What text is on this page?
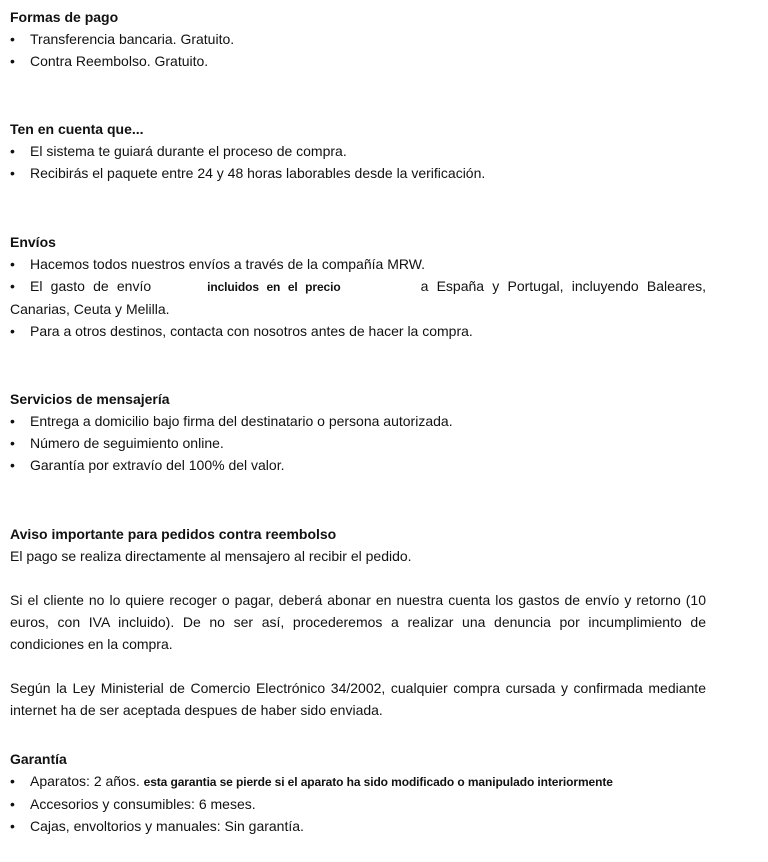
Formas de pago
•	Transferencia bancaria. Gratuito.
•	Contra Reembolso. Gratuito.
Ten en cuenta que...
•	El sistema te guiará durante el proceso de compra.
•	Recibirás el paquete entre 24 y 48 horas laborables desde la verificación.
Envíos
•	Hacemos todos nuestros envíos a través de la compañía MRW.
• El gasto de envío	incluidos en el precio	a España y Portugal, incluyendo Baleares, Canarias, Ceuta y Melilla.
•	Para a otros destinos, contacta con nosotros antes de hacer la compra.
Servicios de mensajería
•	Entrega a domicilio bajo firma del destinatario o persona autorizada.
•	Número de seguimiento online.
•	Garantía por extravío del 100% del valor.
Aviso importante para pedidos contra reembolso

El pago se realiza directamente al mensajero al recibir el pedido.

Si el cliente no lo quiere recoger o pagar, deberá abonar en nuestra cuenta los gastos de envío y retorno (10 euros, con IVA incluido). De no ser así, procederemos a realizar una denuncia por incumplimiento de condiciones en la compra.

Según la Ley Ministerial de Comercio Electrónico 34/2002, cualquier compra cursada y confirmada mediante internet ha de ser aceptada despues de haber sido enviada.

Garantía
•	Aparatos: 2 años. esta garantia se pierde si el aparato ha sido modificado o manipulado interiormente
•	Accesorios y consumibles: 6 meses.
•	Cajas, envoltorios y manuales: Sin garantía.
